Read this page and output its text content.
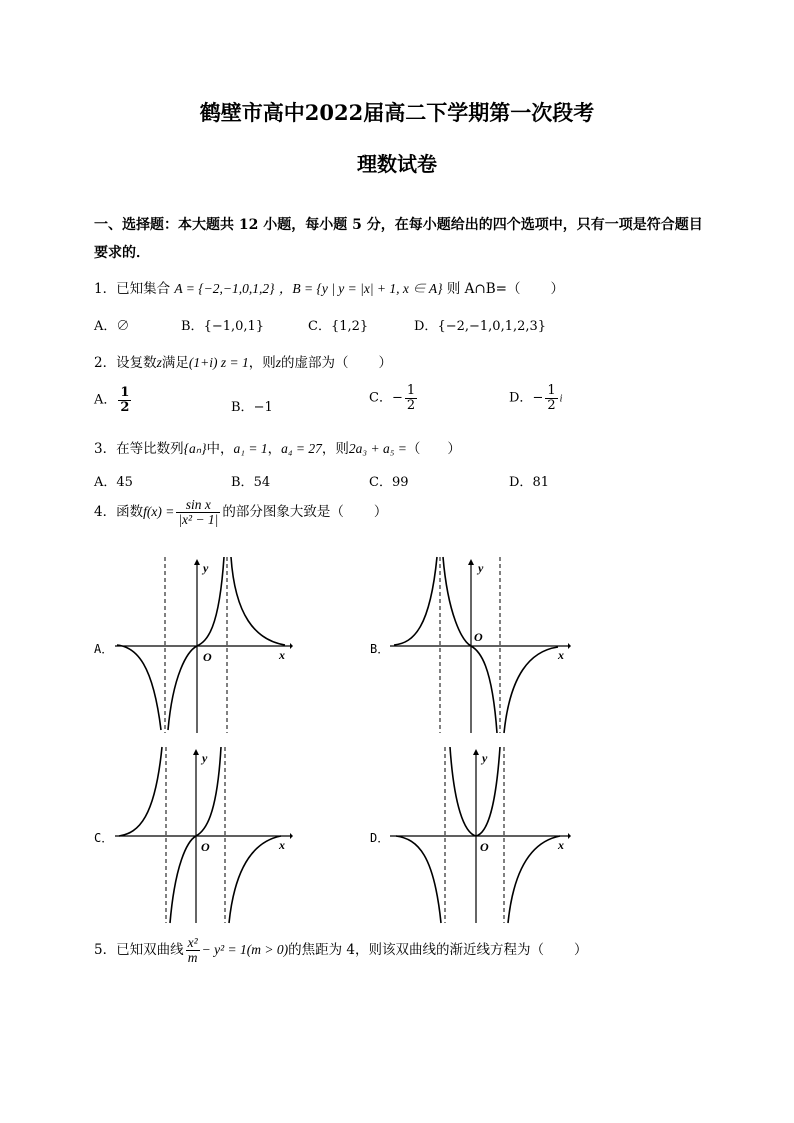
鹤壁市高中2022届高二下学期第一次段考
理数试卷
一、选择题：本大题共 12 小题，每小题 5 分，在每小题给出的四个选项中，只有一项是符合题目要求的．
1．已知集合 A = {−2,−1,0,1,2} ，B = {y | y = |x| + 1, x ∈ A} 则 A∩B=（ ）
A．∅	B．{−1,0,1}	C．{1,2}	D．{−2,−1,0,1,2,3}
2．设复数z满足(1+i) z = 1，则z的虚部为（ ）
A． $\frac{1}{2}$	B．−1
C．− $\frac{1}{2}$	D．− $\frac{1}{2}$ i
3．在等比数列{aₙ}中，a₁ = 1，a₄ = 27，则2a₃ + a₅ =（　　）
A．45	B．54	C．99	D．81
4．函数$f(x) = \frac{\text{sin x}}{\text{|x² − 1|}}$ 的部分图象大致是（ ）
A．
O
y
x	B．
O
y
x
C．
O
y
x	D．
O
y
x
5．已知双曲线 $\frac{\text{x²}}{m} - y^2 = 1(m > 0)$的焦距为 4，则该双曲线的渐近线方程为（ ）
